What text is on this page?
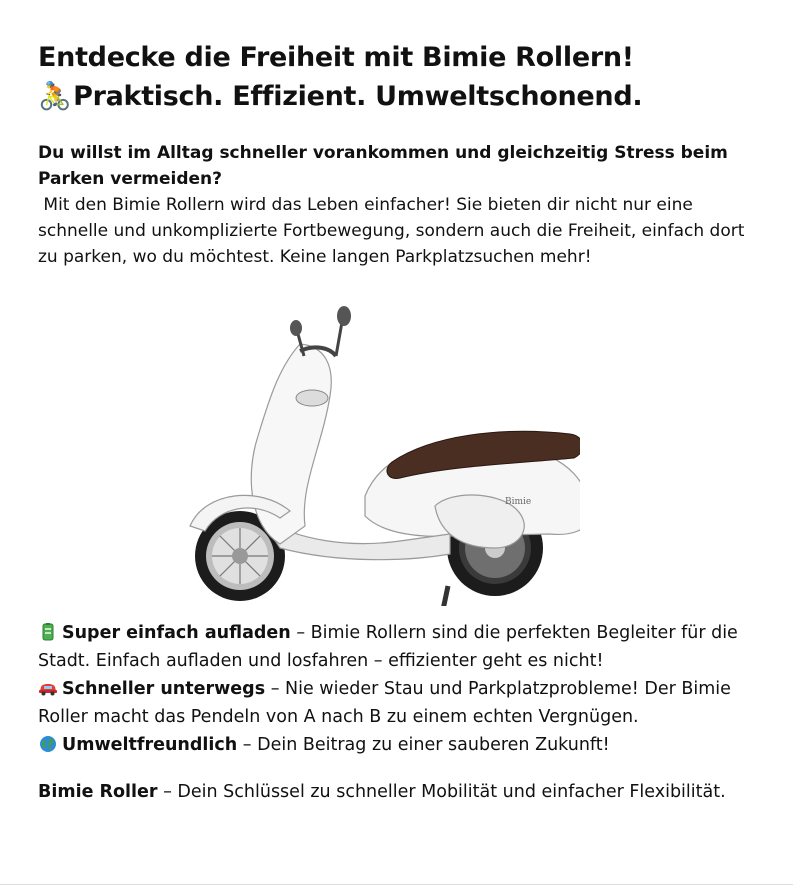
Entdecke die Freiheit mit Bimie Rollern!
🚴 Praktisch. Effizient. Umweltschonend.
Du willst im Alltag schneller vorankommen und gleichzeitig Stress beim Parken vermeiden?
Mit den Bimie Rollern wird das Leben einfacher! Sie bieten dir nicht nur eine schnelle und unkomplizierte Fortbewegung, sondern auch die Freiheit, einfach dort zu parken, wo du möchtest. Keine langen Parkplatzsuchen mehr!
Bimie
Super einfach aufladen – Bimie Rollern sind die perfekten Begleiter für die Stadt. Einfach aufladen und losfahren – effizienter geht es nicht!
Schneller unterwegs – Nie wieder Stau und Parkplatzprobleme! Der Bimie Roller macht das Pendeln von A nach B zu einem echten Vergnügen.
Umweltfreundlich – Dein Beitrag zu einer sauberen Zukunft!
Bimie Roller – Dein Schlüssel zu schneller Mobilität und einfacher Flexibilität.
